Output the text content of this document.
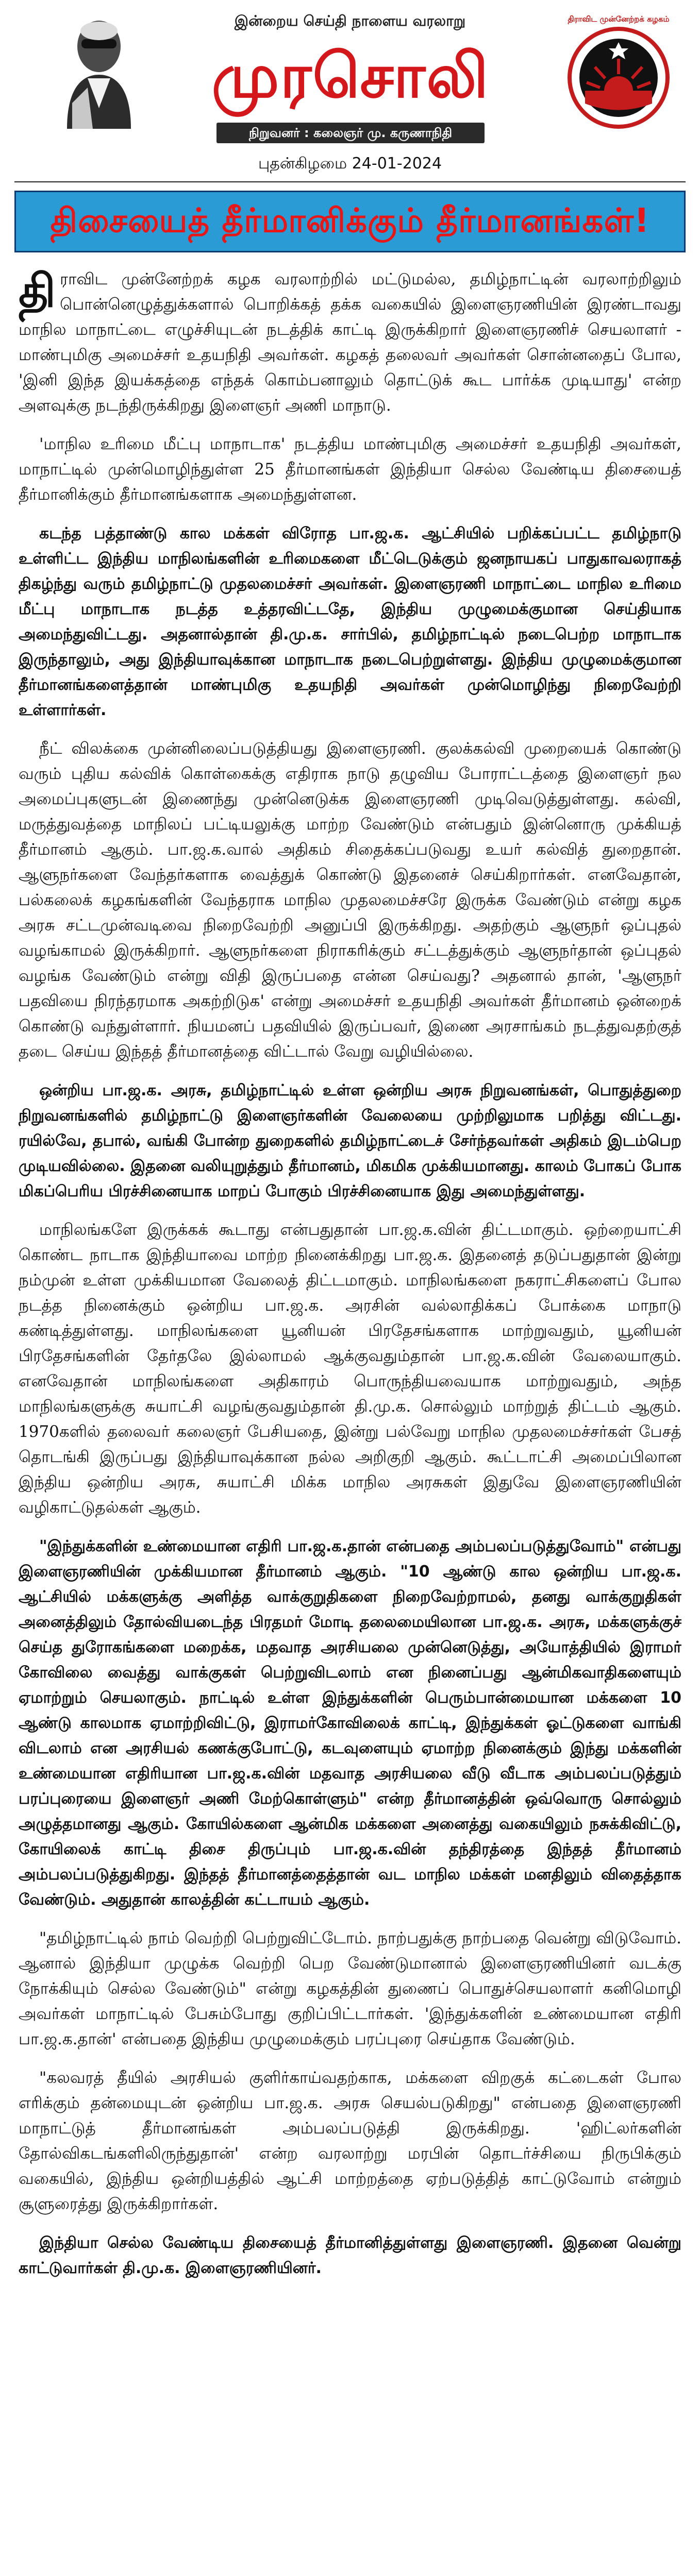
இன்றைய செய்தி நாளைய வரலாறு
முரசொலி
நிறுவனர் : கலைஞர் மு. கருணாநிதி
திராவிட முன்னேற்றக் கழகம்
புதன்கிழமை 24-01-2024
திசையைத் தீர்மானிக்கும் தீர்மானங்கள்!

திராவிட முன்னேற்றக் கழக வரலாற்றில் மட்டுமல்ல, தமிழ்நாட்டின் வரலாற்றிலும் பொன்னெழுத்துக்களால் பொறிக்கத் தக்க வகையில் இளைஞரணியின் இரண்டாவது மாநில மாநாட்டை எழுச்சியுடன் நடத்திக் காட்டி இருக்கிறார் இளைஞரணிச் செயலாளர் - மாண்புமிகு அமைச்சர் உதயநிதி அவர்கள். கழகத் தலைவர் அவர்கள் சொன்னதைப் போல, 'இனி இந்த இயக்கத்தை எந்தக் கொம்பனாலும் தொட்டுக் கூட பார்க்க முடியாது' என்ற அளவுக்கு நடந்திருக்கிறது இளைஞர் அணி மாநாடு.

'மாநில உரிமை மீட்பு மாநாடாக' நடத்திய மாண்புமிகு அமைச்சர் உதயநிதி அவர்கள், மாநாட்டில் முன்மொழிந்துள்ள 25 தீர்மானங்கள் இந்தியா செல்ல வேண்டிய திசையைத் தீர்மானிக்கும் தீர்மானங்களாக அமைந்துள்ளன.

கடந்த பத்தாண்டு கால மக்கள் விரோத பா.ஜ.க. ஆட்சியில் பறிக்கப்பட்ட தமிழ்நாடு உள்ளிட்ட இந்திய மாநிலங்களின் உரிமைகளை மீட்டெடுக்கும் ஜனநாயகப் பாதுகாவலராகத் திகழ்ந்து வரும் தமிழ்நாட்டு முதலமைச்சர் அவர்கள். இளைஞரணி மாநாட்டை மாநில உரிமை மீட்பு மாநாடாக நடத்த உத்தரவிட்டதே, இந்திய முழுமைக்குமான செய்தியாக அமைந்துவிட்டது. அதனால்தான் தி.மு.க. சார்பில், தமிழ்நாட்டில் நடைபெற்ற மாநாடாக இருந்தாலும், அது இந்தியாவுக்கான மாநாடாக நடைபெற்றுள்ளது. இந்திய முழுமைக்குமான தீர்மானங்களைத்தான் மாண்புமிகு உதயநிதி அவர்கள் முன்மொழிந்து நிறைவேற்றி உள்ளார்கள்.

நீட் விலக்கை முன்னிலைப்படுத்தியது இளைஞரணி. குலக்கல்வி முறையைக் கொண்டு வரும் புதிய கல்விக் கொள்கைக்கு எதிராக நாடு தழுவிய போராட்டத்தை இளைஞர் நல அமைப்புகளுடன் இணைந்து முன்னெடுக்க இளைஞரணி முடிவெடுத்துள்ளது. கல்வி, மருத்துவத்தை மாநிலப் பட்டியலுக்கு மாற்ற வேண்டும் என்பதும் இன்னொரு முக்கியத் தீர்மானம் ஆகும். பா.ஜ.க.வால் அதிகம் சிதைக்கப்படுவது உயர் கல்வித் துறைதான். ஆளுநர்களை வேந்தர்களாக வைத்துக் கொண்டு இதனைச் செய்கிறார்கள். எனவேதான், பல்கலைக் கழகங்களின் வேந்தராக மாநில முதலமைச்சரே இருக்க வேண்டும் என்று கழக அரசு சட்டமுன்வடிவை நிறைவேற்றி அனுப்பி இருக்கிறது. அதற்கும் ஆளுநர் ஒப்புதல் வழங்காமல் இருக்கிறார். ஆளுநர்களை நிராகரிக்கும் சட்டத்துக்கும் ஆளுநர்தான் ஒப்புதல் வழங்க வேண்டும் என்று விதி இருப்பதை என்ன செய்வது? அதனால் தான், 'ஆளுநர் பதவியை நிரந்தரமாக அகற்றிடுக' என்று அமைச்சர் உதயநிதி அவர்கள் தீர்மானம் ஒன்றைக் கொண்டு வந்துள்ளார். நியமனப் பதவியில் இருப்பவர், இணை அரசாங்கம் நடத்துவதற்குத் தடை செய்ய இந்தத் தீர்மானத்தை விட்டால் வேறு வழியில்லை.

ஒன்றிய பா.ஜ.க. அரசு, தமிழ்நாட்டில் உள்ள ஒன்றிய அரசு நிறுவனங்கள், பொதுத்துறை நிறுவனங்களில் தமிழ்நாட்டு இளைஞர்களின் வேலையை முற்றிலுமாக பறித்து விட்டது. ரயில்வே, தபால், வங்கி போன்ற துறைகளில் தமிழ்நாட்டைச் சேர்ந்தவர்கள் அதிகம் இடம்பெற முடியவில்லை. இதனை வலியுறுத்தும் தீர்மானம், மிகமிக முக்கியமானது. காலம் போகப் போக மிகப்பெரிய பிரச்சினையாக மாறப் போகும் பிரச்சினையாக இது அமைந்துள்ளது.

மாநிலங்களே இருக்கக் கூடாது என்பதுதான் பா.ஜ.க.வின் திட்டமாகும். ஒற்றையாட்சி கொண்ட நாடாக இந்தியாவை மாற்ற நினைக்கிறது பா.ஜ.க. இதனைத் தடுப்பதுதான் இன்று நம்முன் உள்ள முக்கியமான வேலைத் திட்டமாகும். மாநிலங்களை நகராட்சிகளைப் போல நடத்த நினைக்கும் ஒன்றிய பா.ஜ.க. அரசின் வல்லாதிக்கப் போக்கை மாநாடு கண்டித்துள்ளது. மாநிலங்களை யூனியன் பிரதேசங்களாக மாற்றுவதும், யூனியன் பிரதேசங்களின் தேர்தலே இல்லாமல் ஆக்குவதும்தான் பா.ஜ.க.வின் வேலையாகும். எனவேதான் மாநிலங்களை அதிகாரம் பொருந்தியவையாக மாற்றுவதும், அந்த மாநிலங்களுக்கு சுயாட்சி வழங்குவதும்தான் தி.மு.க. சொல்லும் மாற்றுத் திட்டம் ஆகும். 1970களில் தலைவர் கலைஞர் பேசியதை, இன்று பல்வேறு மாநில முதலமைச்சர்கள் பேசத் தொடங்கி இருப்பது இந்தியாவுக்கான நல்ல அறிகுறி ஆகும். கூட்டாட்சி அமைப்பிலான இந்திய ஒன்றிய அரசு, சுயாட்சி மிக்க மாநில அரசுகள் இதுவே இளைஞரணியின் வழிகாட்டுதல்கள் ஆகும்.

"இந்துக்களின் உண்மையான எதிரி பா.ஜ.க.தான் என்பதை அம்பலப்படுத்துவோம்" என்பது இளைஞரணியின் முக்கியமான தீர்மானம் ஆகும். "10 ஆண்டு கால ஒன்றிய பா.ஜ.க. ஆட்சியில் மக்களுக்கு அளித்த வாக்குறுதிகளை நிறைவேற்றாமல், தனது வாக்குறுதிகள் அனைத்திலும் தோல்வியடைந்த பிரதமர் மோடி தலைமையிலான பா.ஜ.க. அரசு, மக்களுக்குச் செய்த துரோகங்களை மறைக்க, மதவாத அரசியலை முன்னெடுத்து, அயோத்தியில் இராமர் கோவிலை வைத்து வாக்குகள் பெற்றுவிடலாம் என நினைப்பது ஆன்மிகவாதிகளையும் ஏமாற்றும் செயலாகும். நாட்டில் உள்ள இந்துக்களின் பெரும்பான்மையான மக்களை 10 ஆண்டு காலமாக ஏமாற்றிவிட்டு, இராமர்கோவிலைக் காட்டி, இந்துக்கள் ஓட்டுகளை வாங்கி விடலாம் என அரசியல் கணக்குபோட்டு, கடவுளையும் ஏமாற்ற நினைக்கும் இந்து மக்களின் உண்மையான எதிரியான பா.ஜ.க.வின் மதவாத அரசியலை வீடு வீடாக அம்பலப்படுத்தும் பரப்புரையை இளைஞர் அணி மேற்கொள்ளும்" என்ற தீர்மானத்தின் ஒவ்வொரு சொல்லும் அழுத்தமானது ஆகும். கோயில்களை ஆன்மிக மக்களை அனைத்து வகையிலும் நசுக்கிவிட்டு, கோயிலைக் காட்டி திசை திருப்பும் பா.ஜ.க.வின் தந்திரத்தை இந்தத் தீர்மானம் அம்பலப்படுத்துகிறது. இந்தத் தீர்மானத்தைத்தான் வட மாநில மக்கள் மனதிலும் விதைத்தாக வேண்டும். அதுதான் காலத்தின் கட்டாயம் ஆகும்.

"தமிழ்நாட்டில் நாம் வெற்றி பெற்றுவிட்டோம். நாற்பதுக்கு நாற்பதை வென்று விடுவோம். ஆனால் இந்தியா முழுக்க வெற்றி பெற வேண்டுமானால் இளைஞரணியினர் வடக்கு நோக்கியும் செல்ல வேண்டும்" என்று கழகத்தின் துணைப் பொதுச்செயலாளர் கனிமொழி அவர்கள் மாநாட்டில் பேசும்போது குறிப்பிட்டார்கள். 'இந்துக்களின் உண்மையான எதிரி பா.ஜ.க.தான்' என்பதை இந்திய முழுமைக்கும் பரப்புரை செய்தாக வேண்டும்.

"கலவரத் தீயில் அரசியல் குளிர்காய்வதற்காக, மக்களை விறகுக் கட்டைகள் போல எரிக்கும் தன்மையுடன் ஒன்றிய பா.ஜ.க. அரசு செயல்படுகிறது" என்பதை இளைஞரணி மாநாட்டுத் தீர்மானங்கள் அம்பலப்படுத்தி இருக்கிறது. 'ஹிட்லர்களின் தோல்விகடங்களிலிருந்துதான்' என்ற வரலாற்று மரபின் தொடர்ச்சியை நிருபிக்கும் வகையில், இந்திய ஒன்றியத்தில் ஆட்சி மாற்றத்தை ஏற்படுத்தித் காட்டுவோம் என்றும் சூளுரைத்து இருக்கிறார்கள்.

இந்தியா செல்ல வேண்டிய திசையைத் தீர்மானித்துள்ளது இளைஞரணி. இதனை வென்று காட்டுவார்கள் தி.மு.க. இளைஞரணியினர்.
